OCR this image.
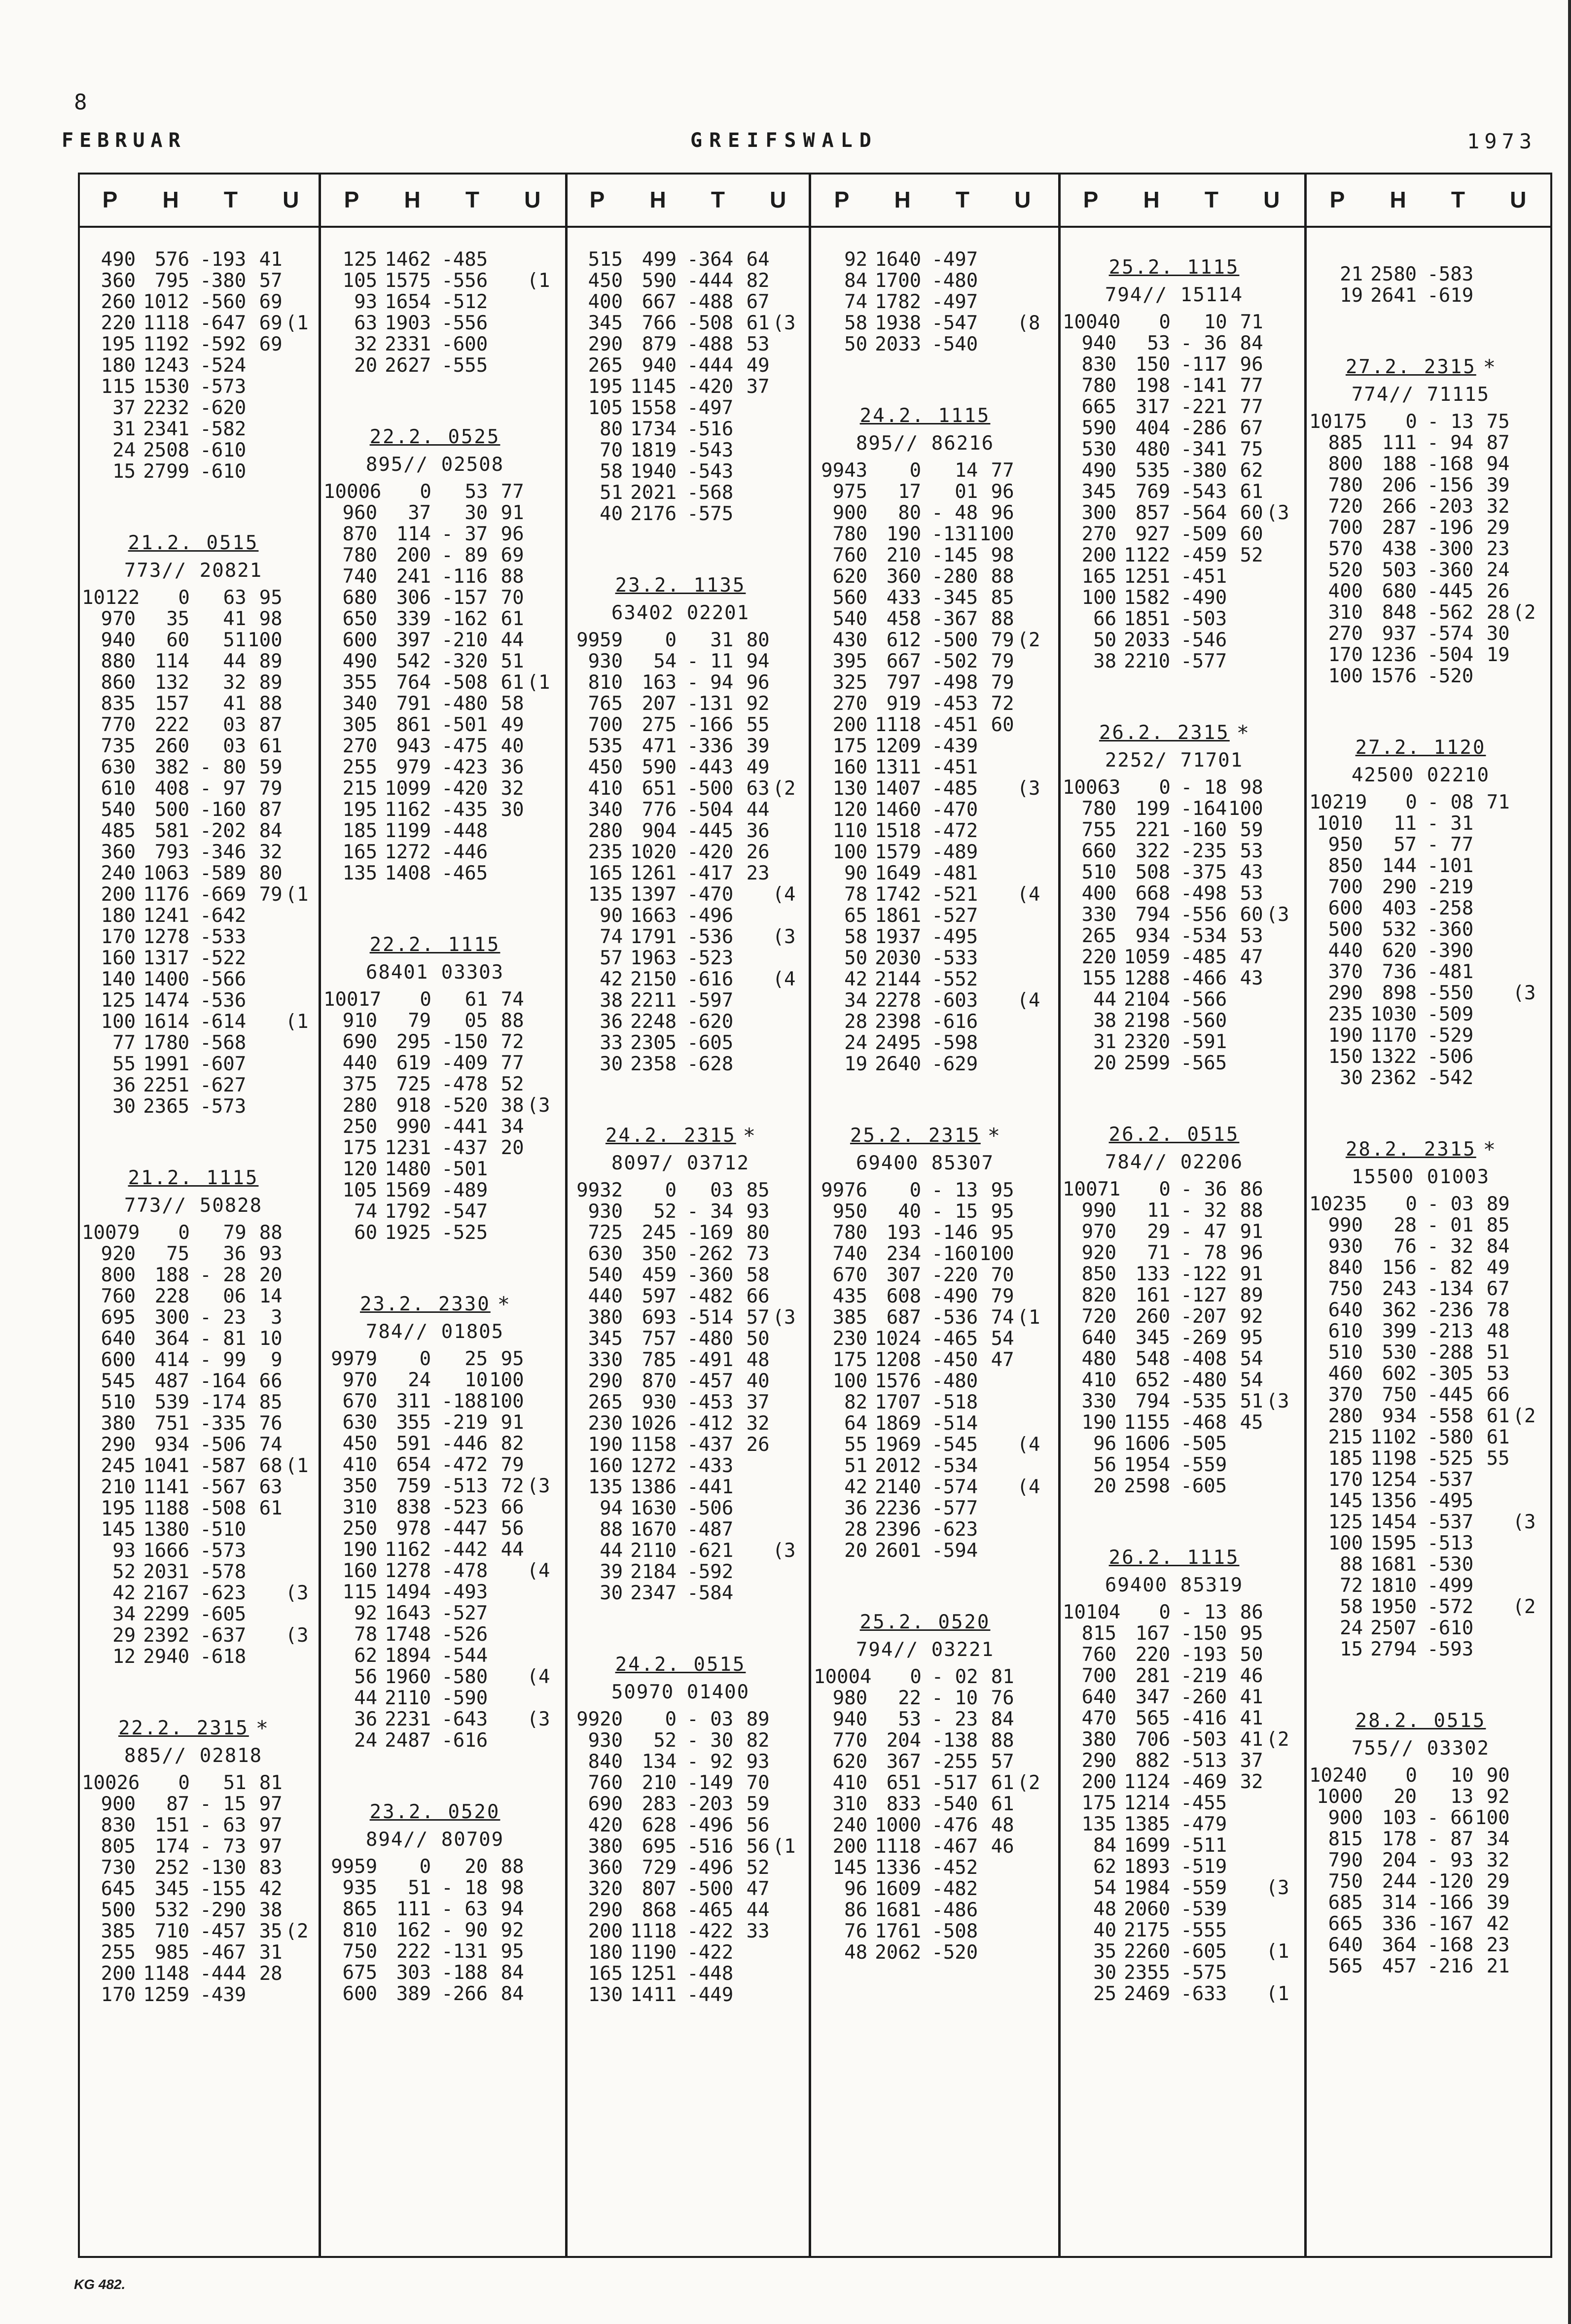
8
FEBRUAR	GREIFSWALD	1973
P H T U P H T U P H T U P H T U P H T U P H T U
490 576 -193 41
360 795 -380 57
260 1012 -560 69
220 1118 -647 69 (1
195 1192 -592 69
180 1243 -524
115 1530 -573
37 2232 -620
31 2341 -582
24 2508 -610
15 2799 -610
21.2. 0515
773// 20821
10122	0	63 95
970	35	41 98
940	60	51 100
880 114	44 89
860 132	32 89
835 157	41 88
770 222	03 87
735 260	03 61
630 382 - 80 59
610 408 - 97 79
540 500 -160 87
485 581 -202 84
360 793 -346 32
240 1063 -589 80
200 1176 -669 79 (1
180 1241 -642
170 1278 -533
160 1317 -522
140 1400 -566
125 1474 -536
100 1614 -614 (1
77 1780 -568
55 1991 -607
36 2251 -627
30 2365 -573
21.2. 1115
773// 50828
10079	0	79 88
920	75	36 93
800 188 - 28 20
760 228	06 14
695 300 - 23	3
640 364 - 81 10
600 414 - 99	9
545 487 -164 66
510 539 -174 85
380 751 -335 76
290 934 -506 74
245 1041 -587 68 (1
210 1141 -567 63
195 1188 -508 61
145 1380 -510
93 1666 -573
52 2031 -578
42 2167 -623 (3
34 2299 -605
29 2392 -637 (3
12 2940 -618
22.2. 2315 *
885// 02818
10026	0	51 81
900	87 - 15 97
830 151 - 63 97
805 174 - 73 97
730 252 -130 83
645 345 -155 42
500 532 -290 38
385 710 -457 35 (2
255 985 -467 31
200 1148 -444 28
170 1259 -439
125 1462 -485
105 1575 -556 (1
93 1654 -512
63 1903 -556
32 2331 -600
20 2627 -555
22.2. 0525
895// 02508
10006	0	53 77
960	37	30 91
870 114 - 37 96
780 200 - 89 69
740 241 -116 88
680 306 -157 70
650 339 -162 61
600 397 -210 44
490 542 -320 51
355 764 -508 61 (1
340 791 -480 58
305 861 -501 49
270 943 -475 40
255 979 -423 36
215 1099 -420 32
195 1162 -435 30
185 1199 -448
165 1272 -446
135 1408 -465
22.2. 1115
68401 03303
10017	0	61 74
910	79	05 88
690 295 -150 72
440 619 -409 77
375 725 -478 52
280 918 -520 38 (3
250 990 -441 34
175 1231 -437 20
120 1480 -501
105 1569 -489
74 1792 -547
60 1925 -525
23.2. 2330 *
784// 01805
9979	0	25 95
970	24	10 100
670 311 -188 100
630 355 -219 91
450 591 -446 82
410 654 -472 79
350 759 -513 72 (3
310 838 -523 66
250 978 -447 56
190 1162 -442 44
160 1278 -478 (4
115 1494 -493
92 1643 -527
78 1748 -526
62 1894 -544
56 1960 -580 (4
44 2110 -590
36 2231 -643 (3
24 2487 -616
23.2. 0520
894// 80709
9959	0	20 88
935	51 - 18 98
865 111 - 63 94
810 162 - 90 92
750 222 -131 95
675 303 -188 84
600 389 -266 84
515 499 -364 64
450 590 -444 82
400 667 -488 67
345 766 -508 61 (3
290 879 -488 53
265 940 -444 49
195 1145 -420 37
105 1558 -497
80 1734 -516
70 1819 -543
58 1940 -543
51 2021 -568
40 2176 -575
23.2. 1135
63402 02201
9959	0	31 80
930	54 - 11 94
810 163 - 94 96
765 207 -131 92
700 275 -166 55
535 471 -336 39
450 590 -443 49
410 651 -500 63 (2
340 776 -504 44
280 904 -445 36
235 1020 -420 26
165 1261 -417 23
135 1397 -470 (4
90 1663 -496
74 1791 -536 (3
57 1963 -523
42 2150 -616 (4
38 2211 -597
36 2248 -620
33 2305 -605
30 2358 -628
24.2. 2315 *
8097/ 03712
9932	0	03 85
930	52 - 34 93
725 245 -169 80
630 350 -262 73
540 459 -360 58
440 597 -482 66
380 693 -514 57 (3
345 757 -480 50
330 785 -491 48
290 870 -457 40
265 930 -453 37
230 1026 -412 32
190 1158 -437 26
160 1272 -433
135 1386 -441
94 1630 -506
88 1670 -487
44 2110 -621 (3
39 2184 -592
30 2347 -584
24.2. 0515
50970 01400
9920	0 - 03 89
930	52 - 30 82
840 134 - 92 93
760 210 -149 70
690 283 -203 59
420 628 -496 56
380 695 -516 56 (1
360 729 -496 52
320 807 -500 47
290 868 -465 44
200 1118 -422 33
180 1190 -422
165 1251 -448
130 1411 -449
92 1640 -497
84 1700 -480
74 1782 -497
58 1938 -547 (8
50 2033 -540
24.2. 1115
895// 86216
9943	0	14 77
975	17	01 96
900	80 - 48 96
780 190 -131 100
760 210 -145 98
620 360 -280 88
560 433 -345 85
540 458 -367 88
430 612 -500 79 (2
395 667 -502 79
325 797 -498 79
270 919 -453 72
200 1118 -451 60
175 1209 -439
160 1311 -451
130 1407 -485 (3
120 1460 -470
110 1518 -472
100 1579 -489
90 1649 -481
78 1742 -521 (4
65 1861 -527
58 1937 -495
50 2030 -533
42 2144 -552
34 2278 -603 (4
28 2398 -616
24 2495 -598
19 2640 -629
25.2. 2315 *
69400 85307
9976	0 - 13 95
950	40 - 15 95
780 193 -146 95
740 234 -160 100
670 307 -220 70
435 608 -490 79
385 687 -536 74 (1
230 1024 -465 54
175 1208 -450 47
100 1576 -480
82 1707 -518
64 1869 -514
55 1969 -545 (4
51 2012 -534
42 2140 -574 (4
36 2236 -577
28 2396 -623
20 2601 -594
25.2. 0520
794// 03221
10004	0 - 02 81
980	22 - 10 76
940	53 - 23 84
770 204 -138 88
620 367 -255 57
410 651 -517 61 (2
310 833 -540 61
240 1000 -476 48
200 1118 -467 46
145 1336 -452
96 1609 -482
86 1681 -486
76 1761 -508
48 2062 -520
25.2. 1115
794// 15114
10040	0	10 71
940	53 - 36 84
830 150 -117 96
780 198 -141 77
665 317 -221 77
590 404 -286 67
530 480 -341 75
490 535 -380 62
345 769 -543 61
300 857 -564 60 (3
270 927 -509 60
200 1122 -459 52
165 1251 -451
100 1582 -490
66 1851 -503
50 2033 -546
38 2210 -577
26.2. 2315 *
2252/ 71701
10063	0 - 18 98
780 199 -164 100
755 221 -160 59
660 322 -235 53
510 508 -375 43
400 668 -498 53
330 794 -556 60 (3
265 934 -534 53
220 1059 -485 47
155 1288 -466 43
44 2104 -566
38 2198 -560
31 2320 -591
20 2599 -565
26.2. 0515
784// 02206
10071	0 - 36 86
990	11 - 32 88
970	29 - 47 91
920	71 - 78 96
850 133 -122 91
820 161 -127 89
720 260 -207 92
640 345 -269 95
480 548 -408 54
410 652 -480 54
330 794 -535 51 (3
190 1155 -468 45
96 1606 -505
56 1954 -559
20 2598 -605
26.2. 1115
69400 85319
10104	0 - 13 86
815 167 -150 95
760 220 -193 50
700 281 -219 46
640 347 -260 41
470 565 -416 41
380 706 -503 41 (2
290 882 -513 37
200 1124 -469 32
175 1214 -455
135 1385 -479
84 1699 -511
62 1893 -519
54 1984 -559 (3
48 2060 -539
40 2175 -555
35 2260 -605 (1
30 2355 -575
25 2469 -633 (1
21 2580 -583
19 2641 -619
27.2. 2315 *
774// 71115
10175	0 - 13 75
885 111 - 94 87
800 188 -168 94
780 206 -156 39
720 266 -203 32
700 287 -196 29
570 438 -300 23
520 503 -360 24
400 680 -445 26
310 848 -562 28 (2
270 937 -574 30
170 1236 -504 19
100 1576 -520
27.2. 1120
42500 02210
10219	0 - 08 71
1010	11 - 31
950	57 - 77
850 144 -101
700 290 -219
600 403 -258
500 532 -360
440 620 -390
370 736 -481
290 898 -550 (3
235 1030 -509
190 1170 -529
150 1322 -506
30 2362 -542
28.2. 2315 *
15500 01003
10235	0 - 03 89
990	28 - 01 85
930	76 - 32 84
840 156 - 82 49
750 243 -134 67
640 362 -236 78
610 399 -213 48
510 530 -288 51
460 602 -305 53
370 750 -445 66
280 934 -558 61 (2
215 1102 -580 61
185 1198 -525 55
170 1254 -537
145 1356 -495
125 1454 -537 (3
100 1595 -513
88 1681 -530
72 1810 -499
58 1950 -572 (2
24 2507 -610
15 2794 -593
28.2. 0515
755// 03302
10240	0	10 90
1000	20	13 92
900 103 - 66 100
815 178 - 87 34
790 204 - 93 32
750 244 -120 29
685 314 -166 39
665 336 -167 42
640 364 -168 23
565 457 -216 21
KG 482.
